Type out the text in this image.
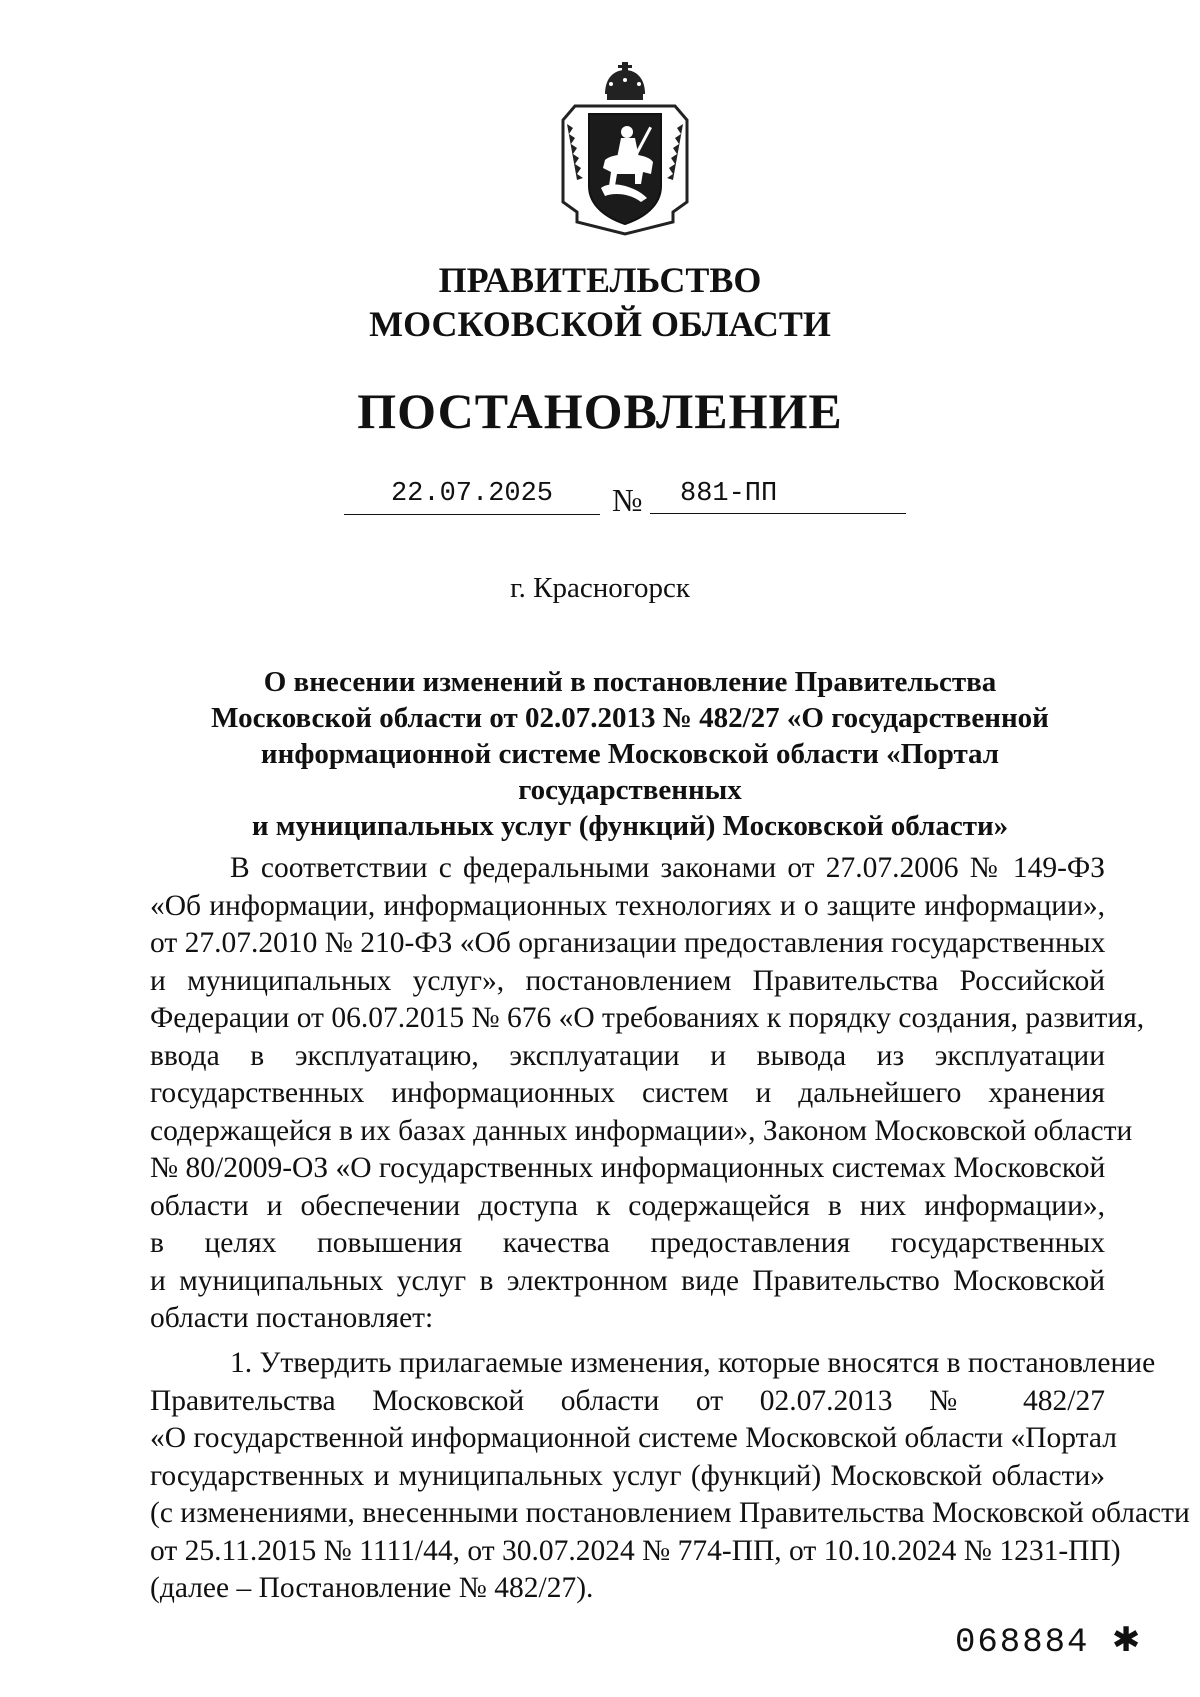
ПРАВИТЕЛЬСТВО
МОСКОВСКОЙ ОБЛАСТИ
ПОСТАНОВЛЕНИЕ
22.07.2025	№	881-ПП
г. Красногорск
О внесении изменений в постановление Правительства
Московской области от 02.07.2013 № 482/27 «О государственной
информационной системе Московской области «Портал государственных
и муниципальных услуг (функций) Московской области»
В соответствии с федеральными законами от 27.07.2006 № 149-ФЗ
«Об информации, информационных технологиях и о защите информации»,
от 27.07.2010 № 210-ФЗ «Об организации предоставления государственных
и муниципальных услуг», постановлением Правительства Российской
Федерации от 06.07.2015 № 676 «О требованиях к порядку создания, развития,
ввода в эксплуатацию, эксплуатации и вывода из эксплуатации
государственных информационных систем и дальнейшего хранения
содержащейся в их базах данных информации», Законом Московской области
№ 80/2009-ОЗ «О государственных информационных системах Московской
области и обеспечении доступа к содержащейся в них информации»,
в целях повышения качества предоставления государственных
и муниципальных услуг в электронном виде Правительство Московской
области постановляет:
1. Утвердить прилагаемые изменения, которые вносятся в постановление
Правительства Московской области от 02.07.2013 № 482/27
«О государственной информационной системе Московской области «Портал
государственных и муниципальных услуг (функций) Московской области»
(с изменениями, внесенными постановлением Правительства Московской области
от 25.11.2015 № 1111/44, от 30.07.2024 № 774-ПП, от 10.10.2024 № 1231-ПП)
(далее – Постановление № 482/27).
068884 ✱
